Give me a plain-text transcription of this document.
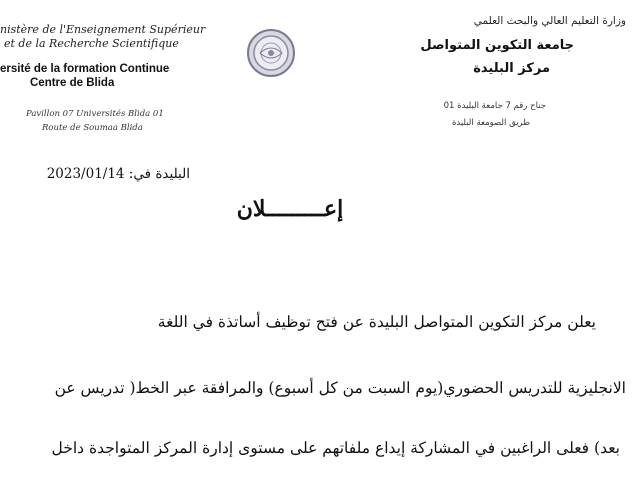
nistère de l'Enseignement Supérieur
et de la Recherche Scientifique
ersité de la formation Continue
Centre de Blida
Pavillon 07 Universités Blida 01
Route de Soumaa Blida
وزارة التعليم العالي والبحث العلمي
جامعة التكوين المتواصل
مركز البليدة
جناح رقم 7 جامعة البليدة 01
طريق الصومعة البليدة
البليدة في: 2023/01/14
إعـــــــــلان
يعلن مركز التكوين المتواصل البليدة عن فتح توظيف أساتذة في اللغة
الانجليزية للتدريس الحضوري(يوم السبت من كل أسبوع) والمرافقة عبر الخط( تدريس عن
بعد) فعلى الراغبين في المشاركة إيداع ملفاتهم على مستوى إدارة المركز المتواجدة داخل
